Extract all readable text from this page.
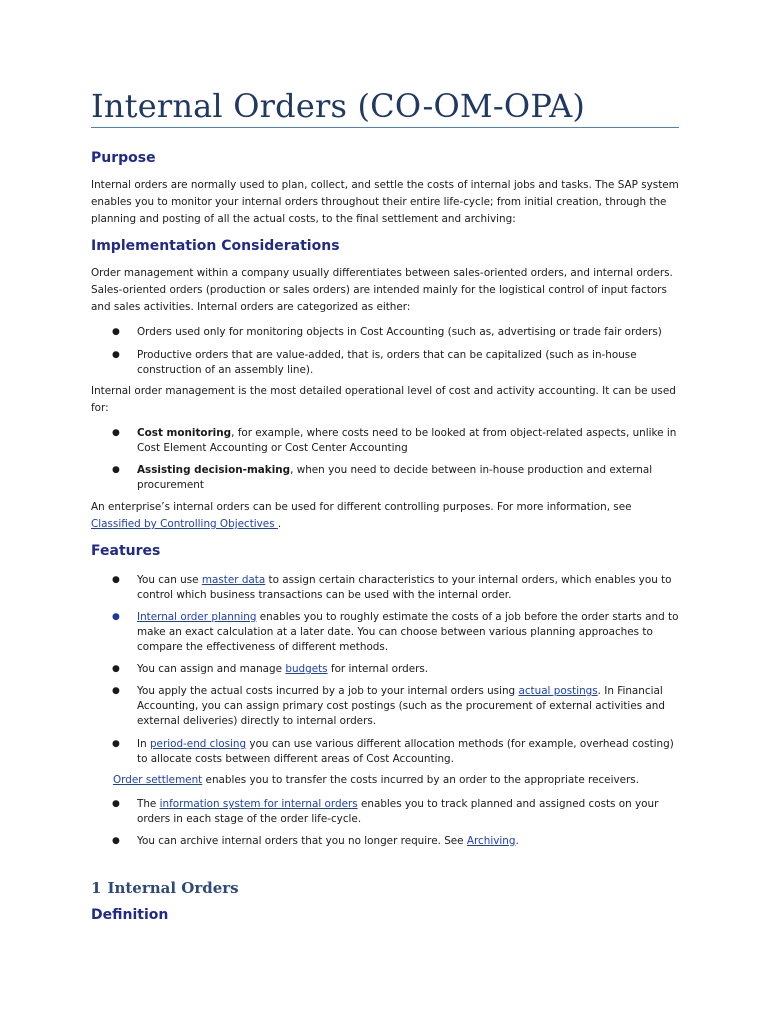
Internal Orders (CO-OM-OPA)
Purpose

Internal orders are normally used to plan, collect, and settle the costs of internal jobs and tasks. The SAP system enables you to monitor your internal orders throughout their entire life-cycle; from initial creation, through the planning and posting of all the actual costs, to the final settlement and archiving:

Implementation Considerations

Order management within a company usually differentiates between sales-oriented orders, and internal orders. Sales-oriented orders (production or sales orders) are intended mainly for the logistical control of input factors and sales activities. Internal orders are categorized as either:

● Orders used only for monitoring objects in Cost Accounting (such as, advertising or trade fair orders)
● Productive orders that are value-added, that is, orders that can be capitalized (such as in-house construction of an assembly line).

Internal order management is the most detailed operational level of cost and activity accounting. It can be used for:

● Cost monitoring, for example, where costs need to be looked at from object-related aspects, unlike in Cost Element Accounting or Cost Center Accounting
● Assisting decision-making, when you need to decide between in-house production and external procurement

An enterprise’s internal orders can be used for different controlling purposes. For more information, see Classified by Controlling Objectives .

Features
● You can use master data to assign certain characteristics to your internal orders, which enables you to control which business transactions can be used with the internal order.
● Internal order planning enables you to roughly estimate the costs of a job before the order starts and to make an exact calculation at a later date. You can choose between various planning approaches to compare the effectiveness of different methods.
● You can assign and manage budgets for internal orders.
● You apply the actual costs incurred by a job to your internal orders using actual postings. In Financial Accounting, you can assign primary cost postings (such as the procurement of external activities and external deliveries) directly to internal orders.
● In period-end closing you can use various different allocation methods (for example, overhead costing) to allocate costs between different areas of Cost Accounting.

Order settlement enables you to transfer the costs incurred by an order to the appropriate receivers.

● The information system for internal orders enables you to track planned and assigned costs on your orders in each stage of the order life-cycle.
● You can archive internal orders that you no longer require. See Archiving.
1 Internal Orders
Definition
